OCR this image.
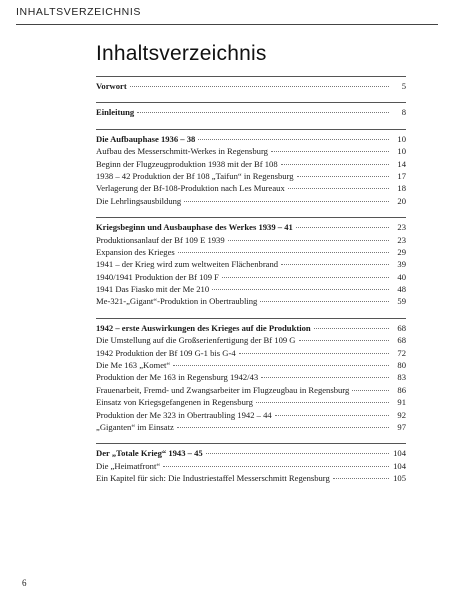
INHALTSVERZEICHNIS
Inhaltsverzeichnis
Vorwort	5
Einleitung	8
Die Aufbauphase 1936 – 38	10
Aufbau des Messerschmitt-Werkes in Regensburg	10
Beginn der Flugzeugproduktion 1938 mit der Bf 108	14
1938 – 42 Produktion der Bf 108 „Taifun“ in Regensburg	17
Verlagerung der Bf-108-Produktion nach Les Mureaux	18
Die Lehrlingsausbildung	20
Kriegsbeginn und Ausbauphase des Werkes 1939 – 41	23
Produktionsanlauf der Bf 109 E 1939	23
Expansion des Krieges	29
1941 – der Krieg wird zum weltweiten Flächenbrand	39
1940/1941 Produktion der Bf 109 F	40
1941 Das Fiasko mit der Me 210	48
Me-321-„Gigant“-Produktion in Obertraubling	59
1942 – erste Auswirkungen des Krieges auf die Produktion	68
Die Umstellung auf die Großserienfertigung der Bf 109 G	68
1942 Produktion der Bf 109 G-1 bis G-4	72
Die Me 163 „Komet“	80
Produktion der Me 163 in Regensburg 1942/43	83
Frauenarbeit, Fremd- und Zwangsarbeiter im Flugzeugbau in Regensburg	86
Einsatz von Kriegsgefangenen in Regensburg	91
Produktion der Me 323 in Obertraubling 1942 – 44	92
„Giganten“ im Einsatz	97
Der „Totale Krieg“ 1943 – 45	104
Die „Heimatfront“	104
Ein Kapitel für sich: Die Industriestaffel Messerschmitt Regensburg	105
6
